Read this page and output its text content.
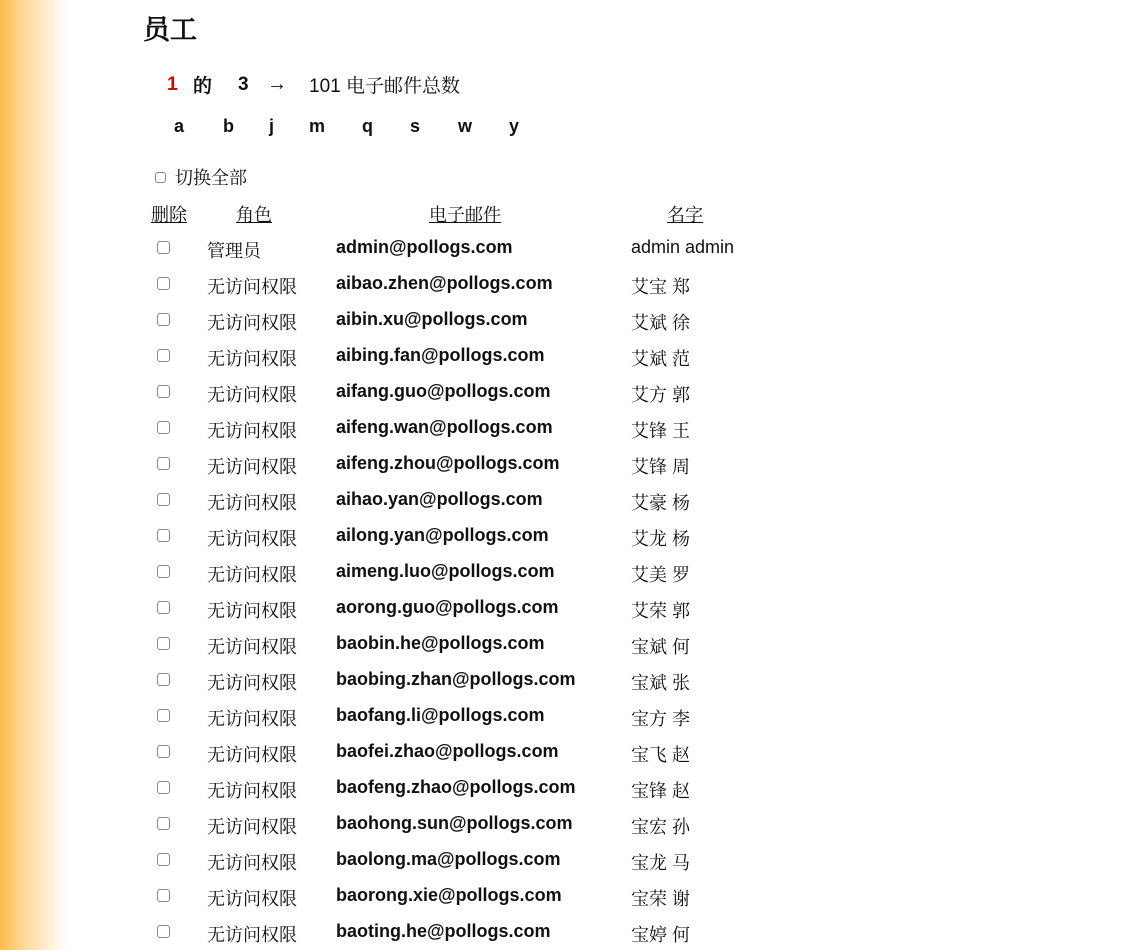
员工
1 的	3 →	101 电子邮件总数
a	b	j	m	q	s	w	y
切换全部
删除	角色	电子邮件	名字
管理员	admin@pollogs.com	admin admin
无访问权限 aibao.zhen@pollogs.com	艾宝 郑
无访问权限 aibin.xu@pollogs.com	艾斌 徐
无访问权限 aibing.fan@pollogs.com	艾斌 范
无访问权限 aifang.guo@pollogs.com	艾方 郭
无访问权限 aifeng.wan@pollogs.com	艾锋 王
无访问权限 aifeng.zhou@pollogs.com	艾锋 周
无访问权限 aihao.yan@pollogs.com	艾豪 杨
无访问权限 ailong.yan@pollogs.com	艾龙 杨
无访问权限 aimeng.luo@pollogs.com	艾美 罗
无访问权限 aorong.guo@pollogs.com	艾荣 郭
无访问权限 baobin.he@pollogs.com	宝斌 何
无访问权限 baobing.zhan@pollogs.com	宝斌 张
无访问权限 baofang.li@pollogs.com	宝方 李
无访问权限 baofei.zhao@pollogs.com	宝飞 赵
无访问权限 baofeng.zhao@pollogs.com	宝锋 赵
无访问权限 baohong.sun@pollogs.com	宝宏 孙
无访问权限 baolong.ma@pollogs.com	宝龙 马
无访问权限 baorong.xie@pollogs.com	宝荣 谢
无访问权限 baoting.he@pollogs.com	宝婷 何
